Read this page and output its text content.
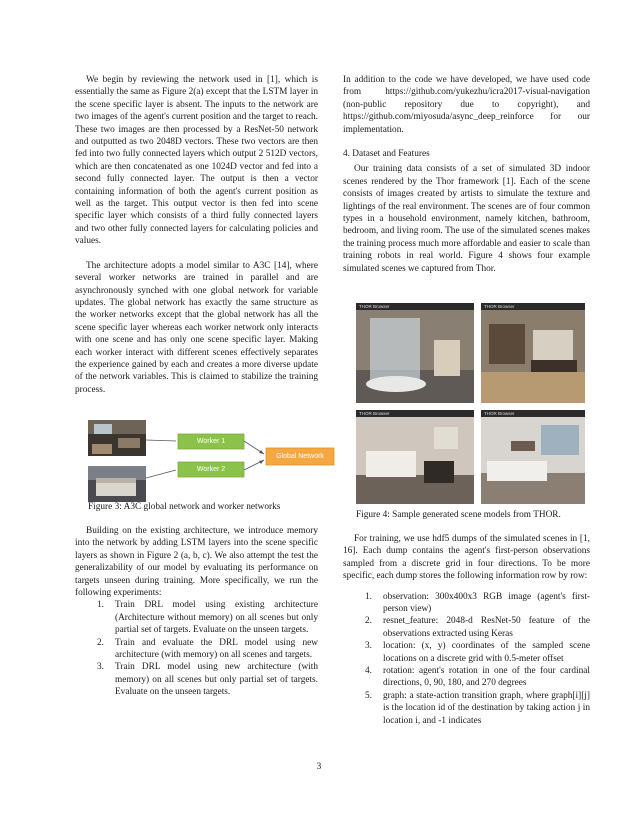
We begin by reviewing the network used in [1], which is essentially the same as Figure 2(a) except that the LSTM layer in the scene specific layer is absent. The inputs to the network are two images of the agent's current position and the target to reach. These two images are then processed by a ResNet-50 network and outputted as two 2048D vectors. These two vectors are then fed into two fully connected layers which output 2 512D vectors, which are then concatenated as one 1024D vector and fed into a second fully connected layer. The output is then a vector containing information of both the agent's current position as well as the target. This output vector is then fed into scene specific layer which consists of a third fully connected layers and two other fully connected layers for calculating policies and values.

The architecture adopts a model similar to A3C [14], where several worker networks are trained in parallel and are asynchronously synched with one global network for variable updates. The global network has exactly the same structure as the worker networks except that the global network has all the scene specific layer whereas each worker network only interacts with one scene and has only one scene specific layer. Making each worker interact with different scenes effectively separates the experience gained by each and creates a more diverse update of the network variables. This is claimed to stabilize the training process.

Worker 1
Worker 2
Global Network
Figure 3: A3C global network and worker networks

Building on the existing architecture, we introduce memory into the network by adding LSTM layers into the scene specific layers as shown in Figure 2 (a, b, c). We also attempt the test the generalizability of our model by evaluating its performance on targets unseen during training. More specifically, we run the following experiments:

1. Train DRL model using existing architecture (Architecture without memory) on all scenes but only partial set of targets. Evaluate on the unseen targets.
2. Train and evaluate the DRL model using new architecture (with memory) on all scenes and targets.
3. Train DRL model using new architecture (with memory) on all scenes but only partial set of targets. Evaluate on the unseen targets.

In addition to the code we have developed, we have used code from https://github.com/yukezhu/icra2017-visual-navigation (non-public repository due to copyright), and https://github.com/miyosuda/async_deep_reinforce for our implementation.

4. Dataset and Features

Our training data consists of a set of simulated 3D indoor scenes rendered by the Thor framework [1]. Each of the scene consists of images created by artists to simulate the texture and lightings of the real environment. The scenes are of four common types in a household environment, namely kitchen, bathroom, bedroom, and living room. The use of the simulated scenes makes the training process much more affordable and easier to scale than training robots in real world. Figure 4 shows four example simulated scenes we captured from Thor.

THOR Browser	THOR Browser
THOR Browser	THOR Browser
Figure 4: Sample generated scene models from THOR.

For training, we use hdf5 dumps of the simulated scenes in [1, 16]. Each dump contains the agent's first-person observations sampled from a discrete grid in four directions. To be more specific, each dump stores the following information row by row:

1. observation: 300x400x3 RGB image (agent's first-person view)
2. resnet_feature: 2048-d ResNet-50 feature of the observations extracted using Keras
3. location: (x, y) coordinates of the sampled scene locations on a discrete grid with 0.5-meter offset
4. rotation: agent's rotation in one of the four cardinal directions, 0, 90, 180, and 270 degrees
5. graph: a state-action transition graph, where graph[i][j] is the location id of the destination by taking action j in location i, and -1 indicates
3
